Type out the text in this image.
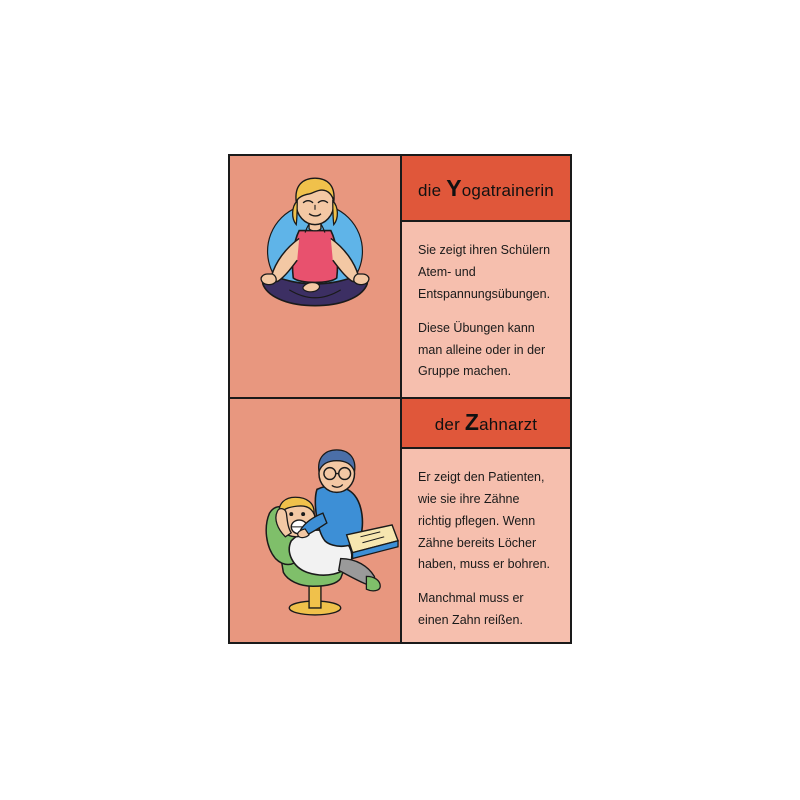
die Yogatrainerin

Sie zeigt ihren Schülern Atem- und Entspannungsübungen.

Diese Übungen kann man alleine oder in der Gruppe machen.

der Zahnarzt

Er zeigt den Patienten, wie sie ihre Zähne richtig pflegen. Wenn Zähne bereits Löcher haben, muss er bohren.

Manchmal muss er einen Zahn reißen.
